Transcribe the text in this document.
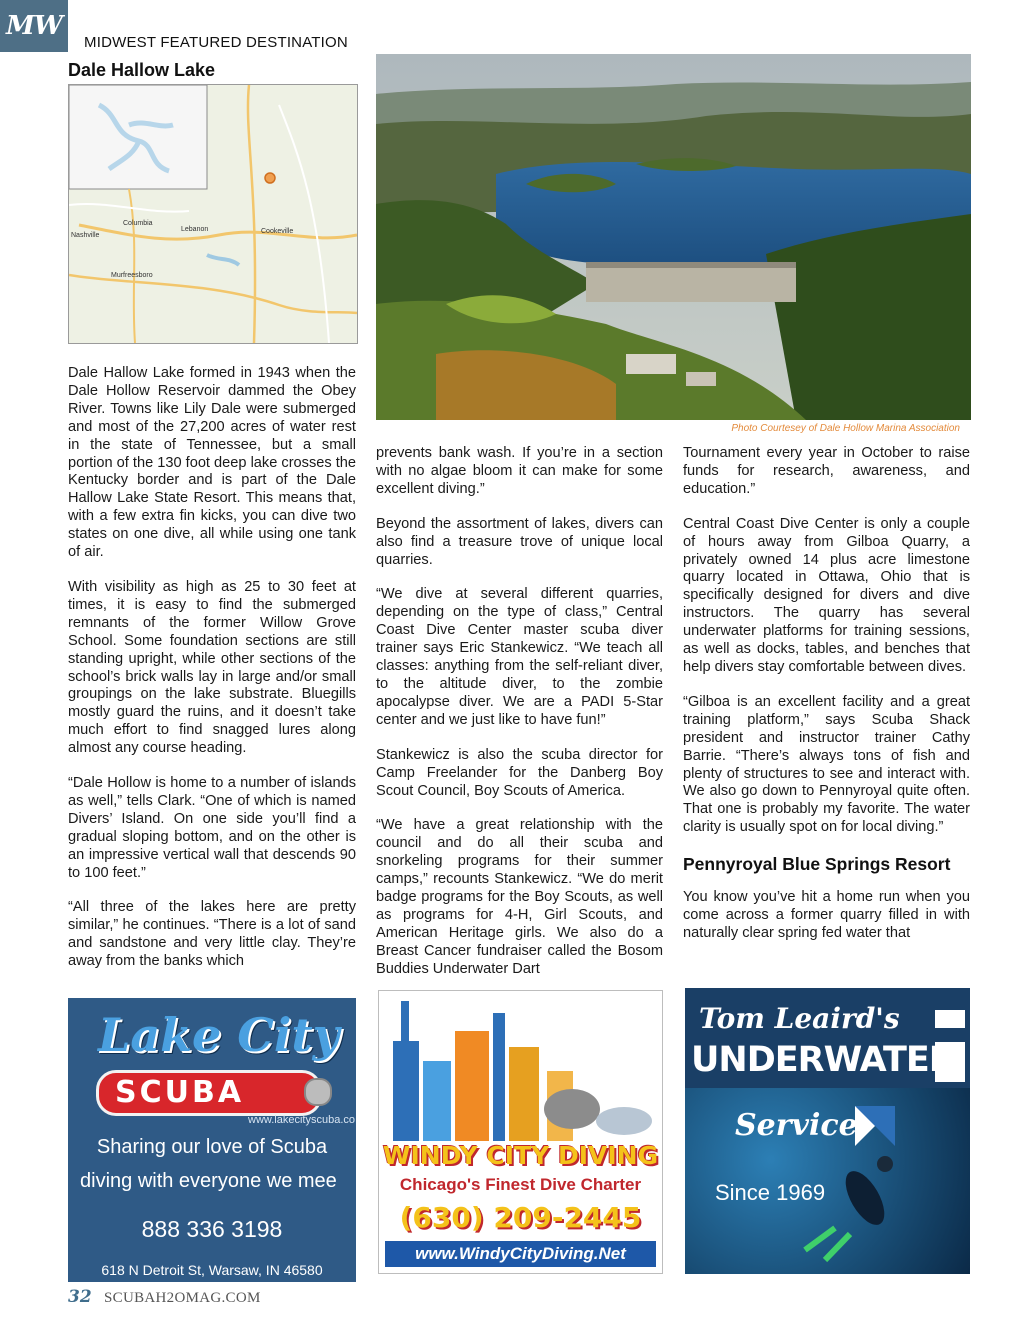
MW
MIDWEST FEATURED DESTINATION
Dale Hallow Lake
Columbia
Murfreesboro
Lebanon	Cookeville
Nashville
Photo Courtesey of Dale Hollow Marina Association

Dale Hallow Lake formed in 1943 when the Dale Hollow Reservoir dammed the Obey River. Towns like Lily Dale were submerged and most of the 27,200 acres of water rest in the state of Tennessee, but a small portion of the 130 foot deep lake crosses the Kentucky border and is part of the Dale Hallow Lake State Resort. This means that, with a few extra fin kicks, you can dive two states on one dive, all while using one tank of air.

With visibility as high as 25 to 30 feet at times, it is easy to find the submerged remnants of the former Willow Grove School. Some foundation sections are still standing upright, while other sections of the school’s brick walls lay in large and/or small groupings on the lake substrate. Bluegills mostly guard the ruins, and it doesn’t take much effort to find snagged lures along almost any course heading.

“Dale Hollow is home to a number of islands as well,” tells Clark. “One of which is named Divers’ Island. On one side you’ll find a gradual sloping bottom, and on the other is an impressive vertical wall that descends 90 to 100 feet.”

“All three of the lakes here are pretty similar,” he continues. “There is a lot of sand and sandstone and very little clay. They’re away from the banks which

prevents bank wash. If you’re in a section with no algae bloom it can make for some excellent diving.”

Beyond the assortment of lakes, divers can also find a treasure trove of unique local quarries.

“We dive at several different quarries, depending on the type of class,” Central Coast Dive Center master scuba diver trainer says Eric Stankewicz. “We teach all classes: anything from the self-reliant diver, to the altitude diver, to the zombie apocalypse diver. We are a PADI 5-Star center and we just like to have fun!”

Stankewicz is also the scuba director for Camp Freelander for the Danberg Boy Scout Council, Boy Scouts of America.

“We have a great relationship with the council and do all their scuba and snorkeling programs for their summer camps,” recounts Stankewicz. “We do merit badge programs for the Boy Scouts, as well as programs for 4-H, Girl Scouts, and American Heritage girls. We also do a Breast Cancer fundraiser called the Bosom Buddies Underwater Dart

Tournament every year in October to raise funds for research, awareness, and education.”

Central Coast Dive Center is only a couple of hours away from Gilboa Quarry, a privately owned 14 plus acre limestone quarry located in Ottawa, Ohio that is specifically designed for divers and dive instructors. The quarry has several underwater platforms for training sessions, as well as docks, tables, and benches that help divers stay comfortable between dives.

“Gilboa is an excellent facility and a great training platform,” says Scuba Shack president and instructor trainer Cathy Barrie. “There’s always tons of fish and plenty of structures to see and interact with. We also go down to Pennyroyal quite often. That one is probably my favorite. The water clarity is usually spot on for local diving.”

Pennyroyal Blue Springs Resort

You know you’ve hit a home run when you come across a former quarry filled in with naturally clear spring fed water that

Lake City
SCUBA
www.lakecityscuba.co
Sharing our love of Scuba
diving with everyone we mee
888 336 3198
618 N Detroit St, Warsaw, IN 46580
WINDY CITY DIVING
Chicago's Finest Dive Charter
(630) 209-2445
www.WindyCityDiving.Net
Tom Leaird's
UNDERWATER
Service
Since 1969
32 SCUBAH2OMAG.COM
